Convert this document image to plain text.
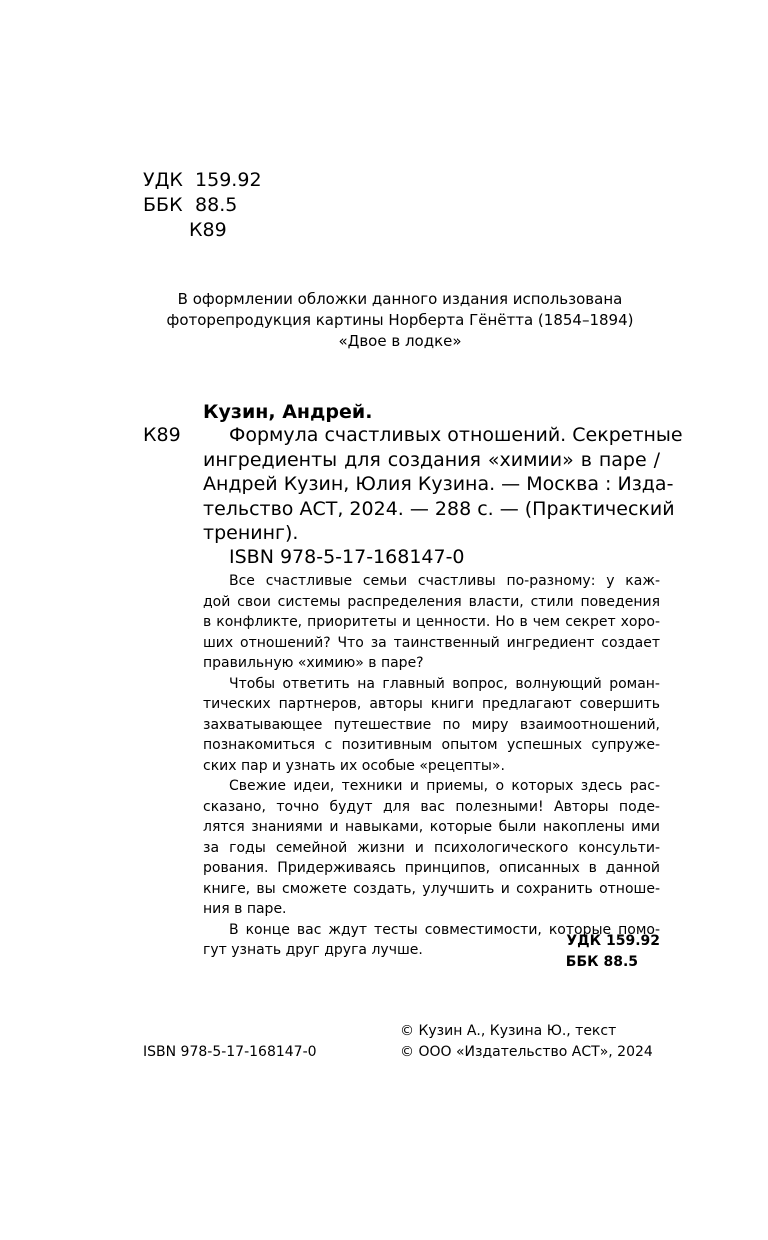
УДК 159.92
ББК 88.5
К89
В оформлении обложки данного издания использована
фоторепродукция картины Норберта Гёнётта (1854–1894)
«Двое в лодке»
Кузин, Андрей.
К89	Формула счастливых отношений. Секретные
ингредиенты для создания «химии» в паре /
Андрей Кузин, Юлия Кузина. — Москва : Изда-
тельство АСТ, 2024. — 288 с. — (Практический
тренинг).
ISBN 978-5-17-168147-0
Все счастливые семьи счастливы по-разному: у каж-
дой свои системы распределения власти, стили поведения
в конфликте, приоритеты и ценности. Но в чем секрет хоро-
ших отношений? Что за таинственный ингредиент создает
правильную «химию» в паре?
Чтобы ответить на главный вопрос, волнующий роман-
тических партнеров, авторы книги предлагают совершить
захватывающее путешествие по миру взаимоотношений,
познакомиться с позитивным опытом успешных супруже-
ских пар и узнать их особые «рецепты».
Свежие идеи, техники и приемы, о которых здесь рас-
сказано, точно будут для вас полезными! Авторы поде-
лятся знаниями и навыками, которые были накоплены ими
за годы семейной жизни и психологического консульти-
рования. Придерживаясь принципов, описанных в данной
книге, вы сможете создать, улучшить и сохранить отноше-
ния в паре.
В конце вас ждут тесты совместимости, которые помо-
гут узнать друг друга лучше.
УДК 159.92
ББК 88.5
© Кузин А., Кузина Ю., текст
ISBN 978-5-17-168147-0	© ООО «Издательство АСТ», 2024
